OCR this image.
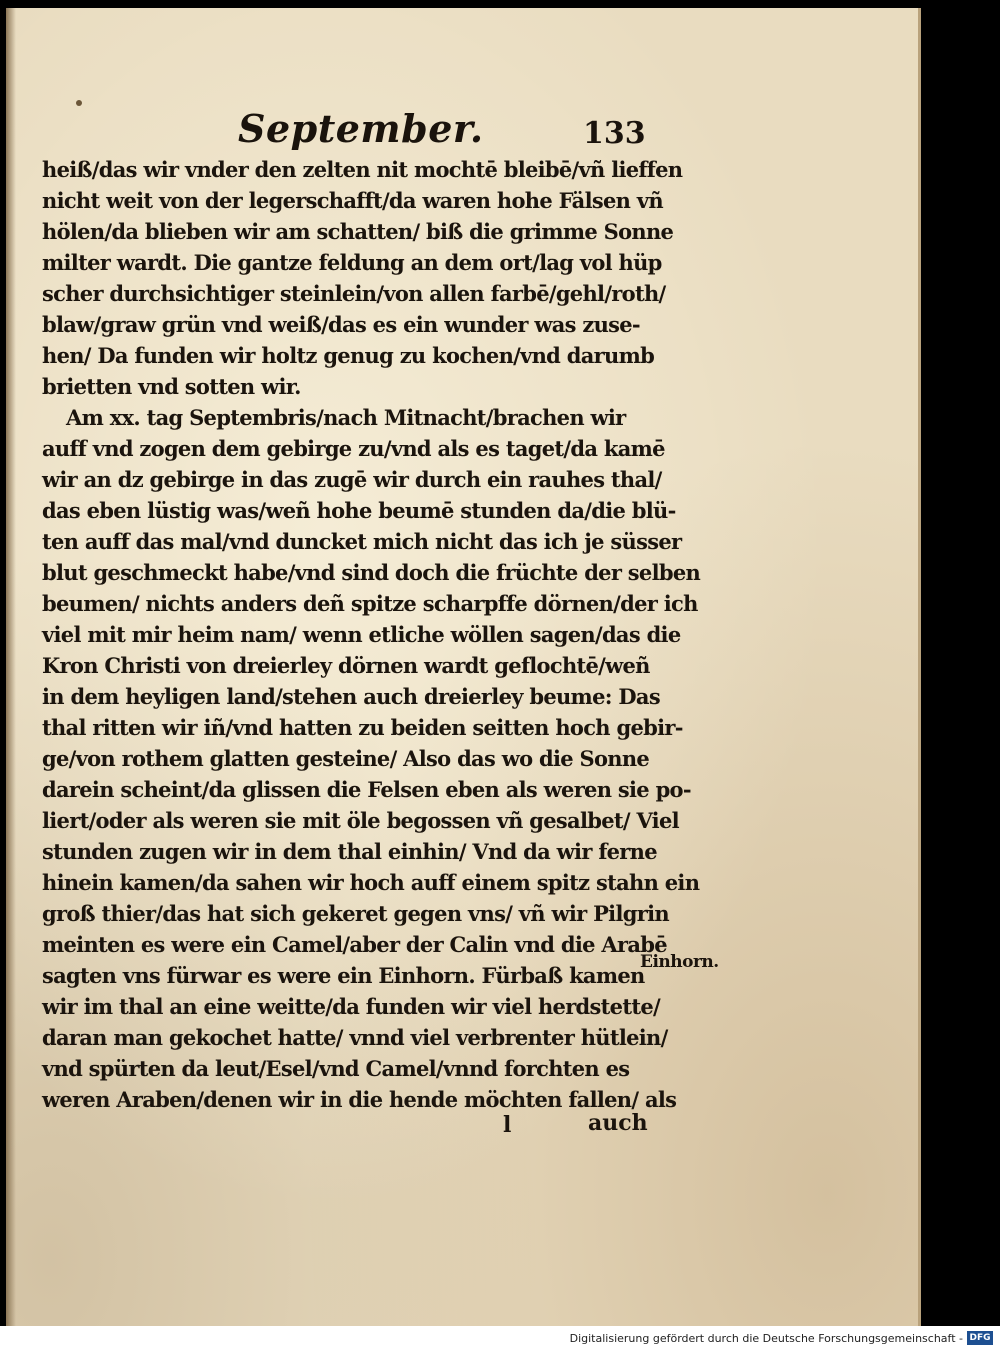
September.	133
heiß/das wir vnder den zelten nit mochtē bleibē/vñ lieffen
nicht weit von der legerschafft/da waren hohe Fälsen vñ
hölen/da blieben wir am schatten/ biß die grimme Sonne
milter wardt. Die gantze feldung an dem ort/lag vol hüp
scher durchsichtiger steinlein/von allen farbē/gehl/roth/
blaw/graw grün vnd weiß/das es ein wunder was zuse-
hen/ Da funden wir holtz genug zu kochen/vnd darumb
brietten vnd sotten wir.
Am xx. tag Septembris/nach Mitnacht/brachen wir
auff vnd zogen dem gebirge zu/vnd als es taget/da kamē
wir an dz gebirge in das zugē wir durch ein rauhes thal/
das eben lüstig was/weñ hohe beumē stunden da/die blü-
ten auff das mal/vnd duncket mich nicht das ich je süsser
blut geschmeckt habe/vnd sind doch die früchte der selben
beumen/ nichts anders deñ spitze scharpffe dörnen/der ich
viel mit mir heim nam/ wenn etliche wöllen sagen/das die
Kron Christi von dreierley dörnen wardt geflochtē/weñ
in dem heyligen land/stehen auch dreierley beume: Das
thal ritten wir iñ/vnd hatten zu beiden seitten hoch gebir-
ge/von rothem glatten gesteine/ Also das wo die Sonne
darein scheint/da glissen die Felsen eben als weren sie po-
liert/oder als weren sie mit öle begossen vñ gesalbet/ Viel
stunden zugen wir in dem thal einhin/ Vnd da wir ferne
hinein kamen/da sahen wir hoch auff einem spitz stahn ein
groß thier/das hat sich gekeret gegen vns/ vñ wir Pilgrin
meinten es were ein Camel/aber der Calin vnd die Arabē
sagten vns fürwar es were ein Einhorn. Fürbaß kamen
wir im thal an eine weitte/da funden wir viel herdstette/
daran man gekochet hatte/ vnnd viel verbrenter hütlein/
vnd spürten da leut/Esel/vnd Camel/vnnd forchten es
weren Araben/denen wir in die hende möchten fallen/ als
Einhorn.
l	auch
Digitalisierung gefördert durch die Deutsche Forschungsgemeinschaft - DFG
